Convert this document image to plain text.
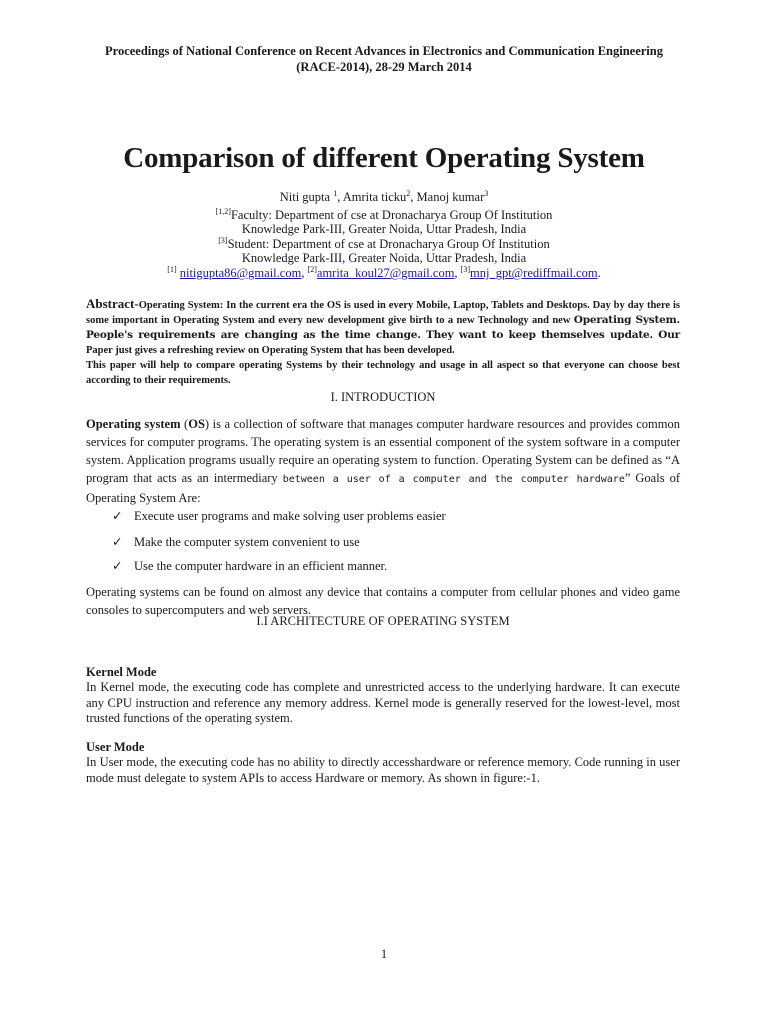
Proceedings of National Conference on Recent Advances in Electronics and Communication Engineering
(RACE-2014), 28-29 March 2014
Comparison of different Operating System
Niti gupta $^1$, Amrita ticku$^2$, Manoj kumar$^3$
[1,2]Faculty: Department of cse at Dronacharya Group Of Institution
Knowledge Park-III, Greater Noida, Uttar Pradesh, India
[3]Student: Department of cse at Dronacharya Group Of Institution
Knowledge Park-III, Greater Noida, Uttar Pradesh, India
[1] nitigupta86@gmail.com, [2]amrita_koul27@gmail.com, [3]mnj_gpt@rediffmail.com.
Abstract-Operating System: In the current era the OS is used in every Mobile, Laptop, Tablets and Desktops. Day by day there is some important in Operating System and every new development give birth to a new Technology and new Operating System. People's requirements are changing as the time change. They want to keep themselves update. Our Paper just gives a refreshing review on Operating System that has been developed.
This paper will help to compare operating Systems by their technology and usage in all aspect so that everyone can choose best according to their requirements.
I. INTRODUCTION
Operating system (OS) is a collection of software that manages computer hardware resources and provides common services for computer programs. The operating system is an essential component of the system software in a computer system. Application programs usually require an operating system to function. Operating System can be defined as “A program that acts as an intermediary between a user of a computer and the computer hardware” Goals of Operating System Are:
✓ Execute user programs and make solving user problems easier
✓ Make the computer system convenient to use
✓ Use the computer hardware in an efficient manner.
Operating systems can be found on almost any device that contains a computer from cellular phones and video game consoles to supercomputers and web servers.
I.I ARCHITECTURE OF OPERATING SYSTEM
Kernel Mode
In Kernel mode, the executing code has complete and unrestricted access to the underlying hardware. It can execute any CPU instruction and reference any memory address. Kernel mode is generally reserved for the lowest-level, most trusted functions of the operating system.
User Mode
In User mode, the executing code has no ability to directly accesshardware or reference memory. Code running in user mode must delegate to system APIs to access Hardware or memory. As shown in figure:-1.
1
